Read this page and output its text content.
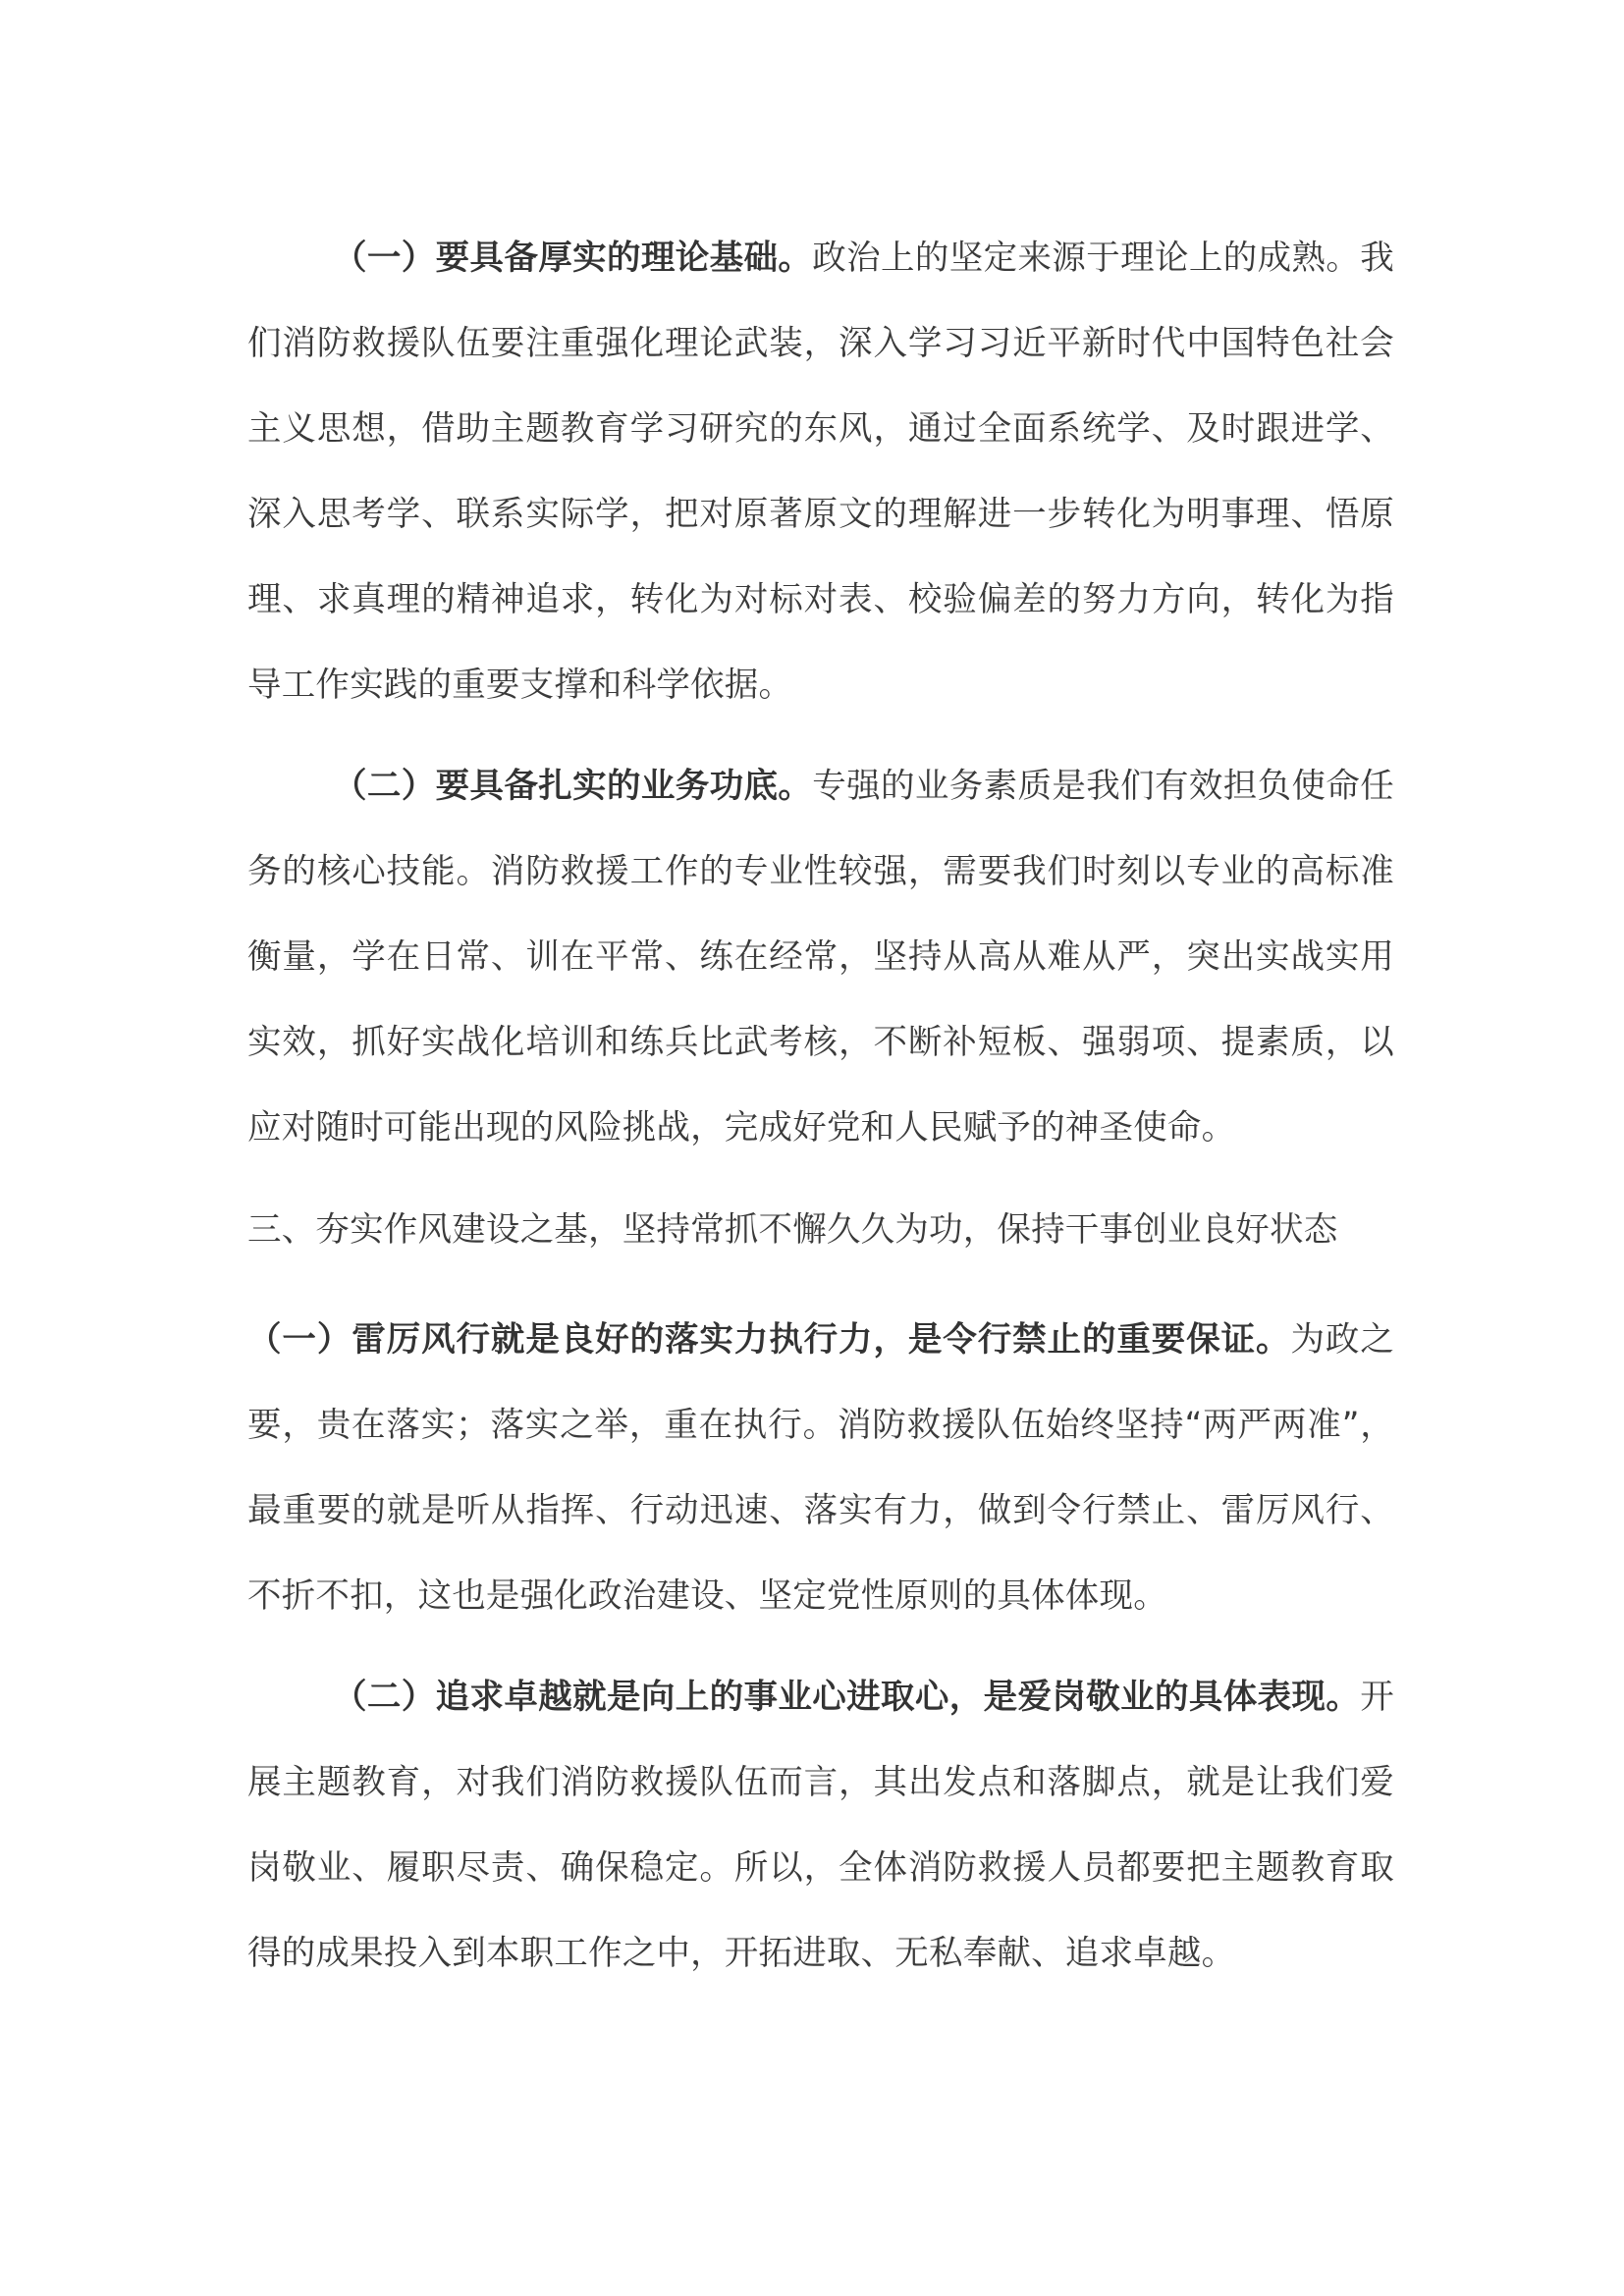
（一）要具备厚实的理论基础。政治上的坚定来源于理论上的成熟。我们消防救援队伍要注重强化理论武装，深入学习习近平新时代中国特色社会主义思想，借助主题教育学习研究的东风，通过全面系统学、及时跟进学、深入思考学、联系实际学，把对原著原文的理解进一步转化为明事理、悟原理、求真理的精神追求，转化为对标对表、校验偏差的努力方向，转化为指导工作实践的重要支撑和科学依据。

（二）要具备扎实的业务功底。专强的业务素质是我们有效担负使命任务的核心技能。消防救援工作的专业性较强，需要我们时刻以专业的高标准衡量，学在日常、训在平常、练在经常，坚持从高从难从严，突出实战实用实效，抓好实战化培训和练兵比武考核，不断补短板、强弱项、提素质，以应对随时可能出现的风险挑战，完成好党和人民赋予的神圣使命。

三、夯实作风建设之基，坚持常抓不懈久久为功，保持干事创业良好状态

（一）雷厉风行就是良好的落实力执行力，是令行禁止的重要保证。为政之要，贵在落实；落实之举，重在执行。消防救援队伍始终坚持“两严两准”，最重要的就是听从指挥、行动迅速、落实有力，做到令行禁止、雷厉风行、不折不扣，这也是强化政治建设、坚定党性原则的具体体现。

（二）追求卓越就是向上的事业心进取心，是爱岗敬业的具体表现。开展主题教育，对我们消防救援队伍而言，其出发点和落脚点，就是让我们爱岗敬业、履职尽责、确保稳定。所以，全体消防救援人员都要把主题教育取得的成果投入到本职工作之中，开拓进取、无私奉献、追求卓越。
